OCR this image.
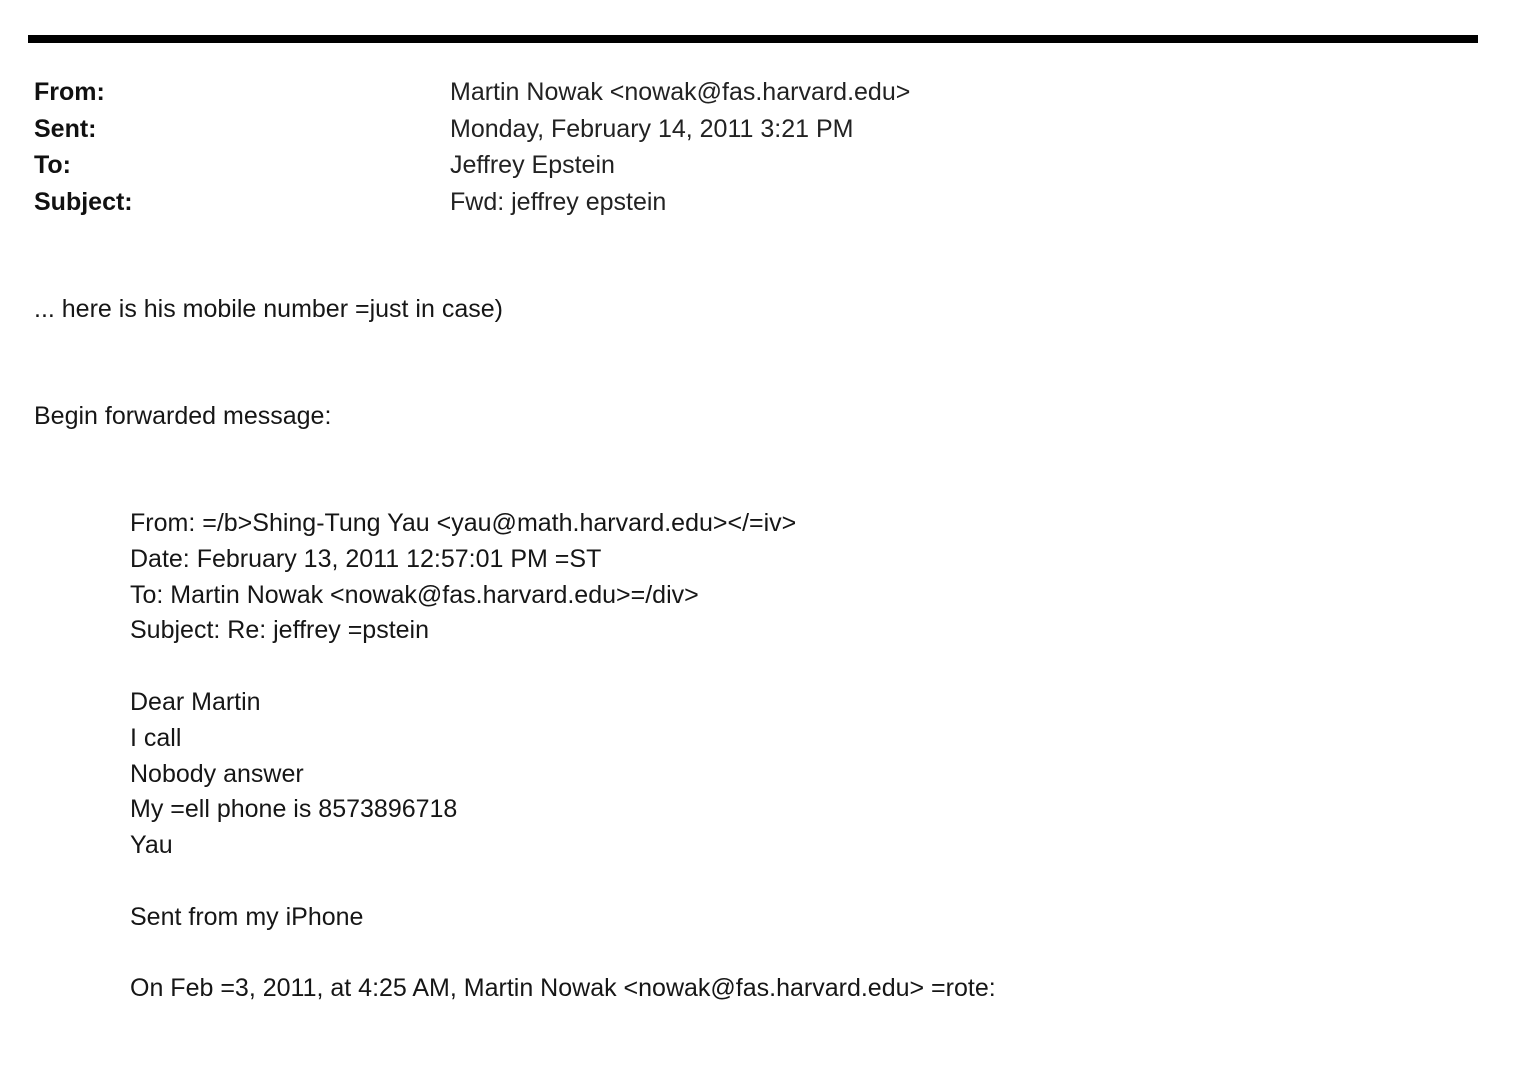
From:	Martin Nowak <nowak@fas.harvard.edu>
Sent:	Monday, February 14, 2011 3:21 PM
To:	Jeffrey Epstein
Subject:	Fwd: jeffrey epstein
... here is his mobile number =just in case)
Begin forwarded message:
From: =/b>Shing-Tung Yau <yau@math.harvard.edu></=iv>
Date: February 13, 2011 12:57:01 PM =ST
To: Martin Nowak <nowak@fas.harvard.edu>=/div>
Subject: Re: jeffrey =pstein
Dear Martin
I call
Nobody answer
My =ell phone is 8573896718
Yau
Sent from my iPhone
On Feb =3, 2011, at 4:25 AM, Martin Nowak <nowak@fas.harvard.edu> =rote:
